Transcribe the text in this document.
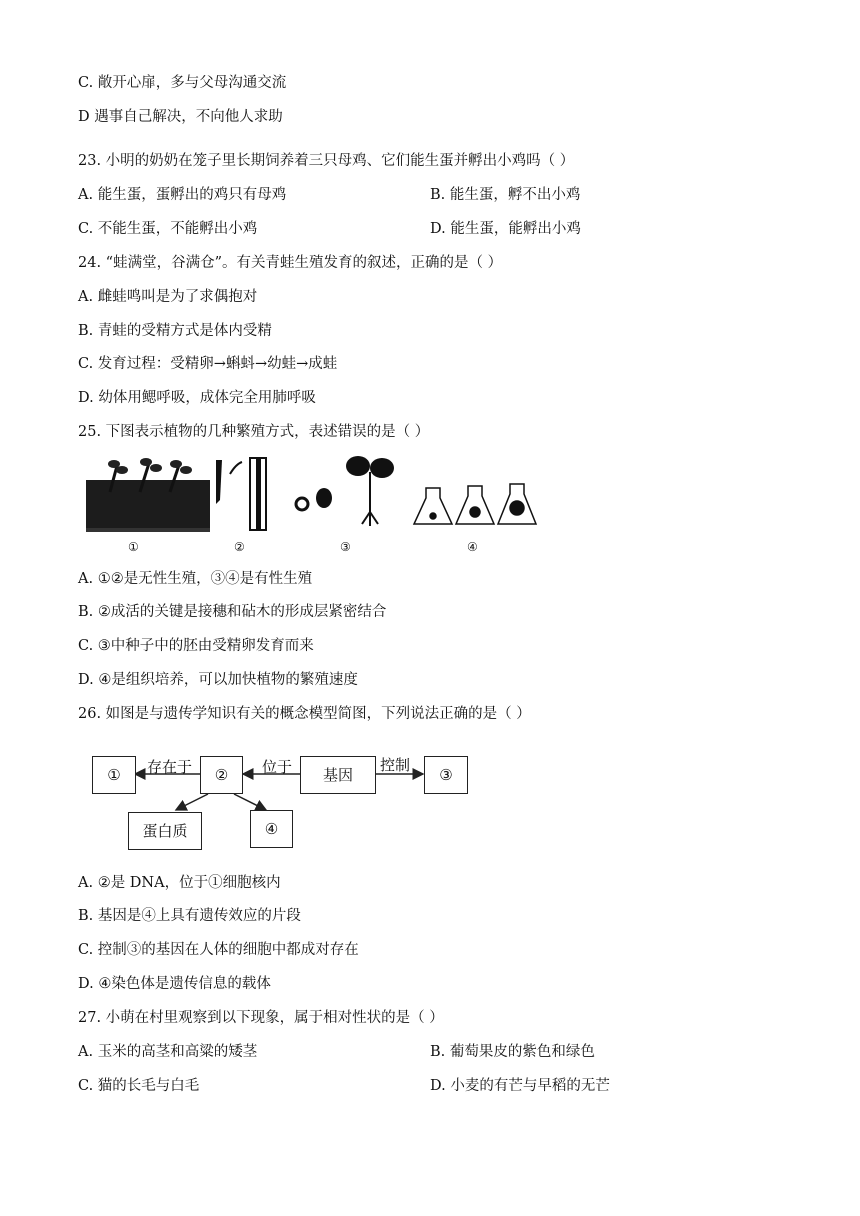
C. 敞开心扉，多与父母沟通交流
D 遇事自己解决，不向他人求助
23. 小明的奶奶在笼子里长期饲养着三只母鸡、它们能生蛋并孵出小鸡吗（ ）
A. 能生蛋，蛋孵出的鸡只有母鸡	B. 能生蛋，孵不出小鸡
C. 不能生蛋，不能孵出小鸡	D. 能生蛋，能孵出小鸡
24. “蛙满堂，谷满仓”。有关青蛙生殖发育的叙述，正确的是（ ）
A. 雌蛙鸣叫是为了求偶抱对
B. 青蛙的受精方式是体内受精
C. 发育过程：受精卵→蝌蚪→幼蛙→成蛙
D. 幼体用鳃呼吸，成体完全用肺呼吸
25. 下图表示植物的几种繁殖方式，表述错误的是（ ）
①	②	③	④
A. ①②是无性生殖，③④是有性生殖
B. ②成活的关键是接穗和砧木的形成层紧密结合
C. ③中种子中的胚由受精卵发育而来
D. ④是组织培养，可以加快植物的繁殖速度
26. 如图是与遗传学知识有关的概念模型简图，下列说法正确的是（ ）
①	②	基因	③
蛋白质	④
存在于	位于	控制
A. ②是 DNA，位于①细胞核内
B. 基因是④上具有遗传效应的片段
C. 控制③的基因在人体的细胞中都成对存在
D. ④染色体是遗传信息的载体
27. 小萌在村里观察到以下现象，属于相对性状的是（ ）
A. 玉米的高茎和高粱的矮茎	B. 葡萄果皮的紫色和绿色
C. 猫的长毛与白毛	D. 小麦的有芒与早稻的无芒
